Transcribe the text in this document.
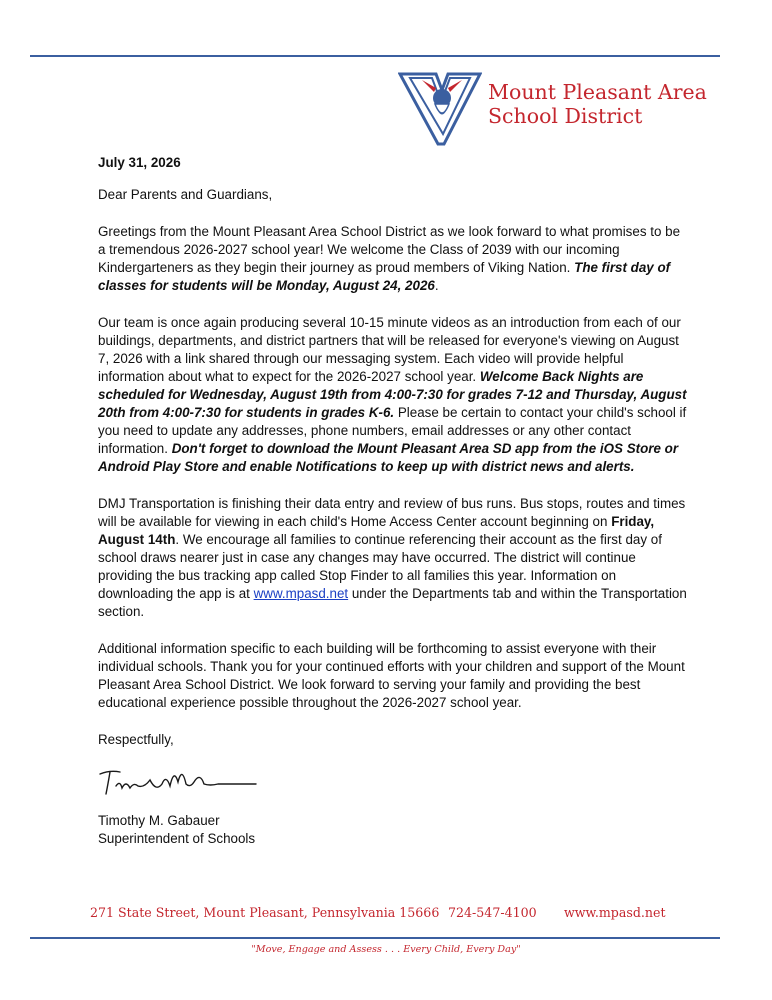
Mount Pleasant Area
School District

July 31, 2026

Dear Parents and Guardians,

Greetings from the Mount Pleasant Area School District as we look forward to what promises to be a tremendous 2026-2027 school year! We welcome the Class of 2039 with our incoming Kindergarteners as they begin their journey as proud members of Viking Nation. The first day of classes for students will be Monday, August 24, 2026.

Our team is once again producing several 10-15 minute videos as an introduction from each of our buildings, departments, and district partners that will be released for everyone's viewing on August 7, 2026 with a link shared through our messaging system. Each video will provide helpful information about what to expect for the 2026-2027 school year. Welcome Back Nights are scheduled for Wednesday, August 19th from 4:00-7:30 for grades 7-12 and Thursday, August 20th from 4:00-7:30 for students in grades K-6. Please be certain to contact your child's school if you need to update any addresses, phone numbers, email addresses or any other contact information. Don't forget to download the Mount Pleasant Area SD app from the iOS Store or Android Play Store and enable Notifications to keep up with district news and alerts.

DMJ Transportation is finishing their data entry and review of bus runs. Bus stops, routes and times will be available for viewing in each child's Home Access Center account beginning on Friday, August 14th. We encourage all families to continue referencing their account as the first day of school draws nearer just in case any changes may have occurred. The district will continue providing the bus tracking app called Stop Finder to all families this year. Information on downloading the app is at www.mpasd.net under the Departments tab and within the Transportation section.

Additional information specific to each building will be forthcoming to assist everyone with their individual schools. Thank you for your continued efforts with your children and support of the Mount Pleasant Area School District. We look forward to serving your family and providing the best educational experience possible throughout the 2026-2027 school year.

Respectfully,

Timothy M. Gabauer

Superintendent of Schools

271 State Street, Mount Pleasant, Pennsylvania 15666 724-547-4100 www.mpasd.net
"Move, Engage and Assess . . . Every Child, Every Day"
